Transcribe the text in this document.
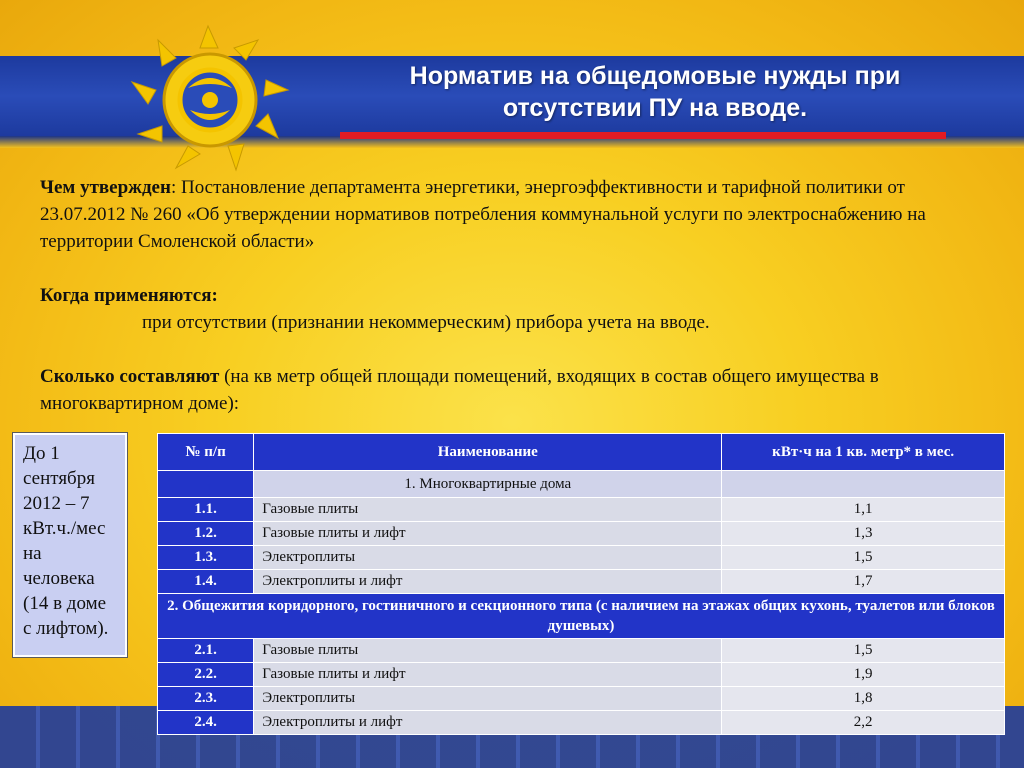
Норматив на общедомовые нужды при
отсутствии ПУ на вводе.

Чем утвержден: Постановление департамента энергетики, энергоэффективности и тарифной политики от 23.07.2012 № 260 «Об утверждении нормативов потребления коммунальной услуги по электроснабжению на территории Смоленской области»

Когда применяются:

при отсутствии (признании некоммерческим) прибора учета на вводе.

Сколько составляют (на кв метр общей площади помещений, входящих в состав общего имущества в многоквартирном доме):

До 1
сентября
2012 – 7
кВт.ч./мес
на
человека
(14 в доме
с лифтом).
№ п/п	Наименование	кВт·ч на 1 кв. метр* в мес.
	1. Многоквартирные дома	
1.1.	Газовые плиты	1,1
1.2.	Газовые плиты и лифт	1,3
1.3.	Электроплиты	1,5
1.4.	Электроплиты и лифт	1,7
2. Общежития коридорного, гостиничного и секционного типа (с наличием на этажах общих кухонь, туалетов или блоков душевых)		
2.1.	Газовые плиты	1,5
2.2.	Газовые плиты и лифт	1,9
2.3.	Электроплиты	1,8
2.4.	Электроплиты и лифт	2,2
